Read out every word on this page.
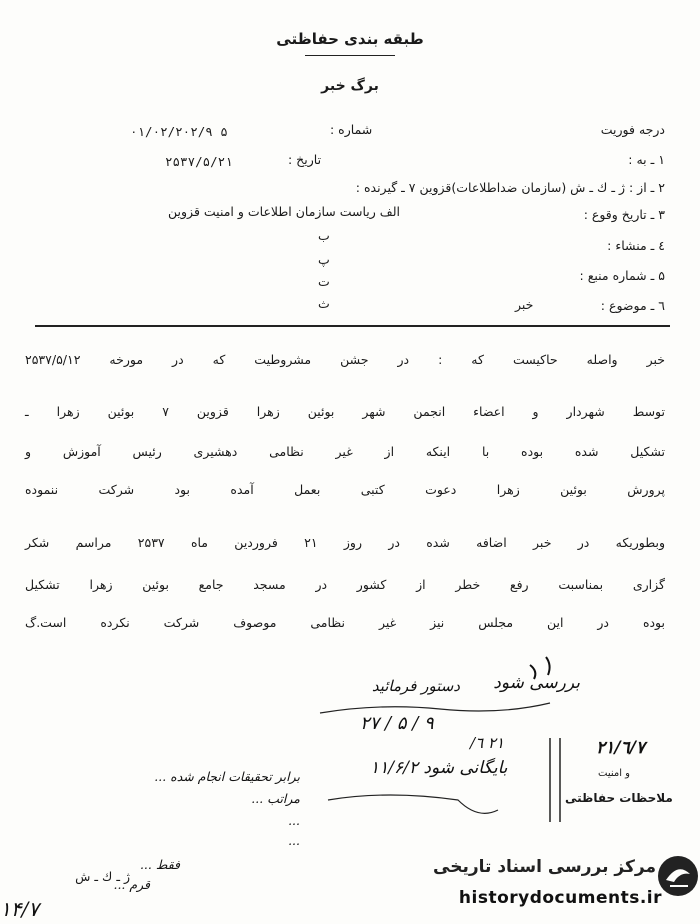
طبقه بندی حفاظتی
برگ خبر
درجه فوریت
شماره :
۰۱/۰۲/۲۰۲/۹ ۵
تاریخ :
۲۵۳۷/۵/۲۱	۱ ـ به :
۲ ـ از : ژ ـ ك ـ ش (سازمان ضداطلاعات)قزوین ۷ ـ گیرنده :
۳ ـ تاریخ وقوع :
الف ریاست سازمان اطلاعات و امنیت قزوین
٤ ـ منشاء :
ب
پ
۵ ـ شماره منبع :
ت
٦ ـ موضوع :
خبر
ث
خبر واصله حاکیست که : در جشن مشروطیت که در مورخه ۲۵۳۷/۵/۱۲
توسط شهردار و اعضاء انجمن شهر بوئین زهرا قزوین ۷ بوئین زهرا ـ
تشکیل شده بوده با اینکه از غیر نظامی دهشیری رئیس آموزش و
پرورش بوئین زهرا دعوت کتبی بعمل آمده بود شرکت ننموده
وبطوریکه در خبر اضافه شده در روز ۲۱ فروردین ماه ۲۵۳۷ مراسم شکر
گزاری بمناسبت رفع خطر از کشور در مسجد جامع بوئین زهرا تشکیل
بوده در این مجلس نیز غیر نظامی موصوف شرکت نکرده است.گ
بررسی شود
دستور فرمائید
۲۷ / ۵ / ۹
۲۱/٦/۷
و امنیت
ملاحظات حفاظتی
بایگانی شود ۱۱/۶/۲
/٦ ۲۱
برابر تحقیقات انجام شده ...
مراتب ...
...
...
فقط ...
قرم ...
ژ ـ ك ـ ش
۱۴/۷
مرکز بررسی اسناد تاریخی
historydocuments.ir
